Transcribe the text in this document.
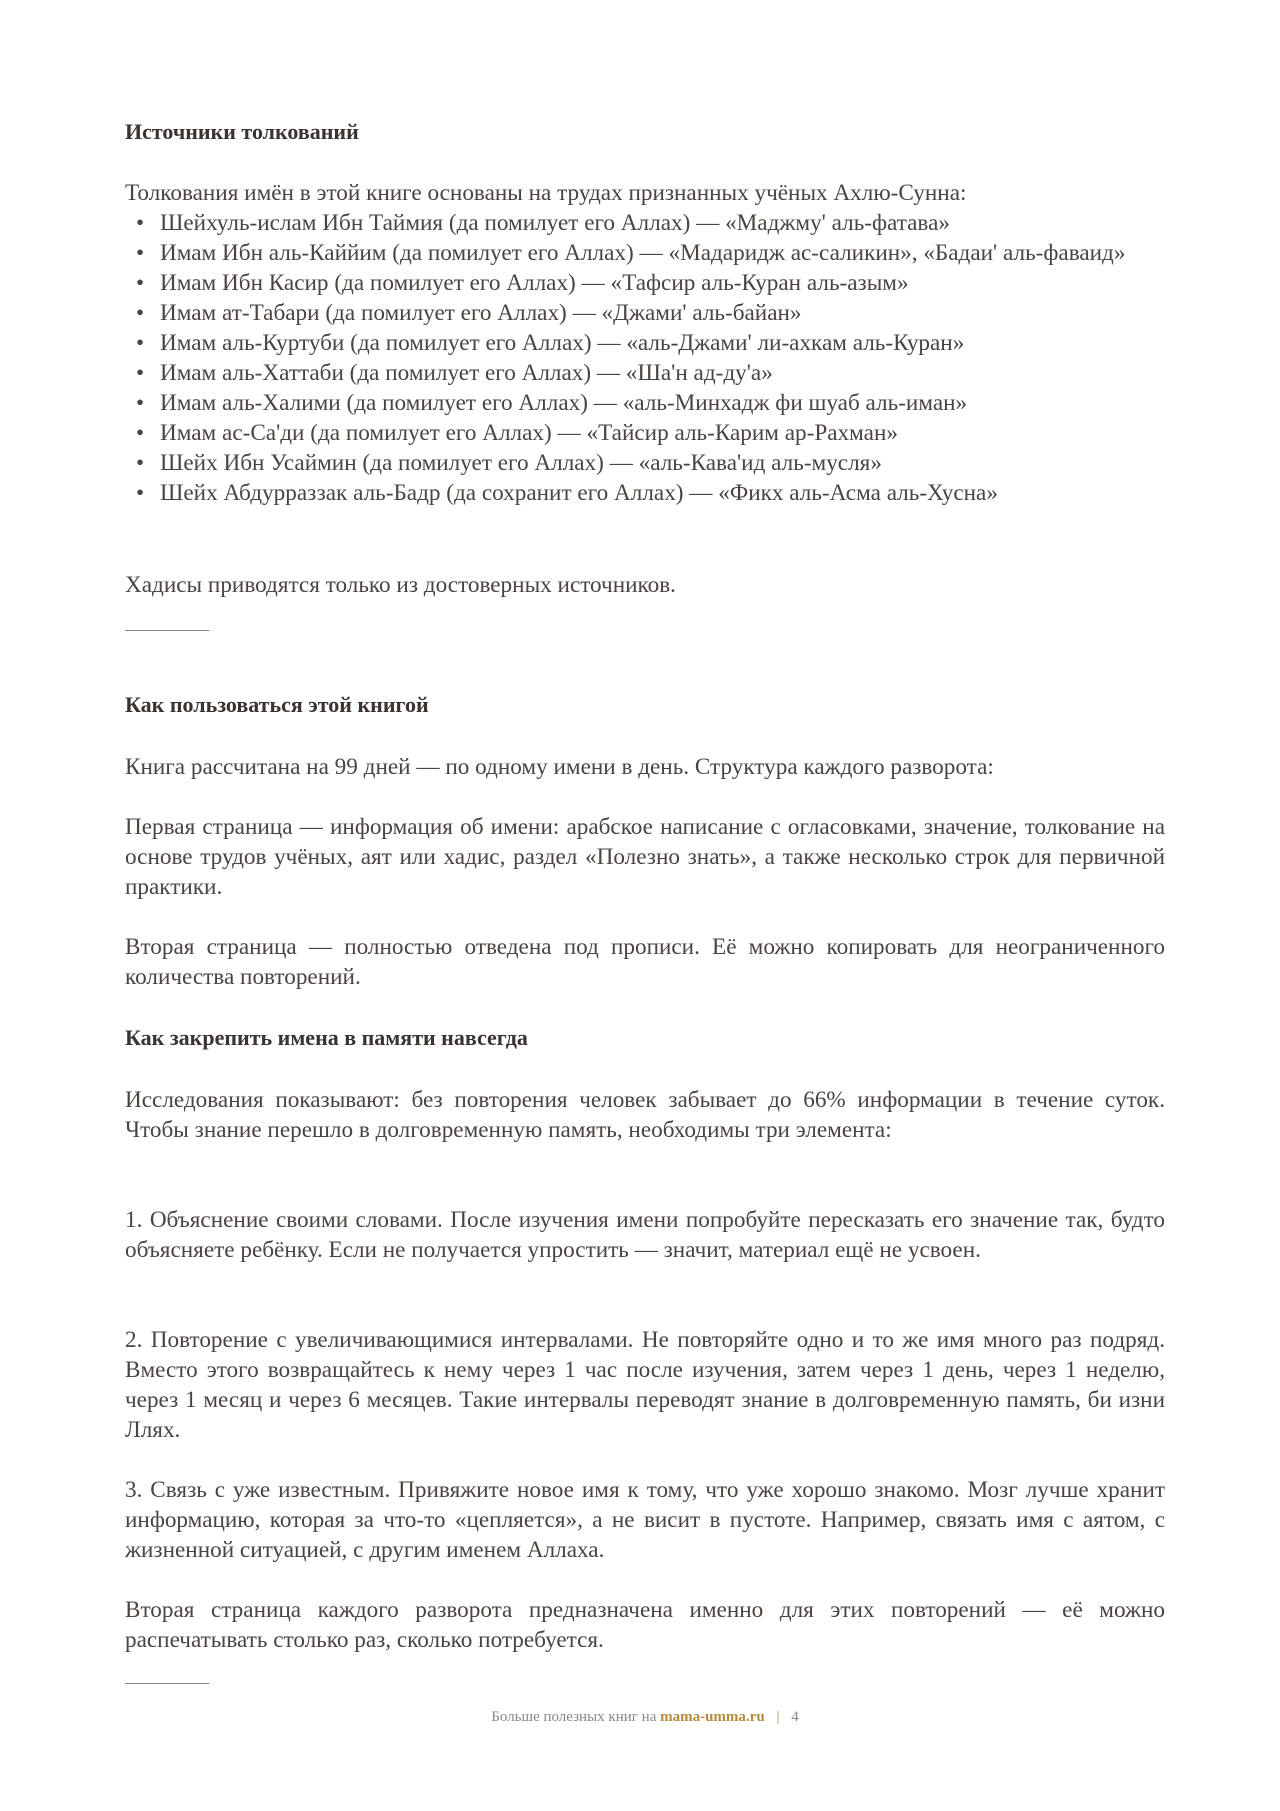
Источники толкований

Толкования имён в этой книге основаны на трудах признанных учёных Ахлю-Сунна:

• Шейхуль-ислам Ибн Таймия (да помилует его Аллах) — «Маджму' аль-фатава»
• Имам Ибн аль-Каййим (да помилует его Аллах) — «Мадаридж ас-саликин», «Бадаи' аль-фаваид»
• Имам Ибн Касир (да помилует его Аллах) — «Тафсир аль-Куран аль-азым»
• Имам ат-Табари (да помилует его Аллах) — «Джами' аль-байан»
• Имам аль-Куртуби (да помилует его Аллах) — «аль-Джами' ли-ахкам аль-Куран»
• Имам аль-Хаттаби (да помилует его Аллах) — «Ша'н ад-ду'а»
• Имам аль-Халими (да помилует его Аллах) — «аль-Минхадж фи шуаб аль-иман»
• Имам ас-Са'ди (да помилует его Аллах) — «Тайсир аль-Карим ар-Рахман»
• Шейх Ибн Усаймин (да помилует его Аллах) — «аль-Кава'ид аль-мусля»
• Шейх Абдурраззак аль-Бадр (да сохранит его Аллах) — «Фикх аль-Асма аль-Хусна»

Хадисы приводятся только из достоверных источников.

Как пользоваться этой книгой

Книга рассчитана на 99 дней — по одному имени в день. Структура каждого разворота:

Первая страница — информация об имени: арабское написание с огласовками, значение, толкование на основе трудов учёных, аят или хадис, раздел «Полезно знать», а также несколько строк для первичной практики.

Вторая страница — полностью отведена под прописи. Её можно копировать для неограниченного количества повторений.

Как закрепить имена в памяти навсегда

Исследования показывают: без повторения человек забывает до 66% информации в течение суток. Чтобы знание перешло в долговременную память, необходимы три элемента:

1. Объяснение своими словами. После изучения имени попробуйте пересказать его значение так, будто объясняете ребёнку. Если не получается упростить — значит, материал ещё не усвоен.

2. Повторение с увеличивающимися интервалами. Не повторяйте одно и то же имя много раз подряд. Вместо этого возвращайтесь к нему через 1 час после изучения, затем через 1 день, через 1 неделю, через 1 месяц и через 6 месяцев. Такие интервалы переводят знание в долговременную память, би изни Ллях.

3. Связь с уже известным. Привяжите новое имя к тому, что уже хорошо знакомо. Мозг лучше хранит информацию, которая за что-то «цепляется», а не висит в пустоте. Например, связать имя с аятом, с жизненной ситуацией, с другим именем Аллаха.

Вторая страница каждого разворота предназначена именно для этих повторений — её можно распечатывать столько раз, сколько потребуется.

Больше полезных книг на mama-umma.ru | 4
